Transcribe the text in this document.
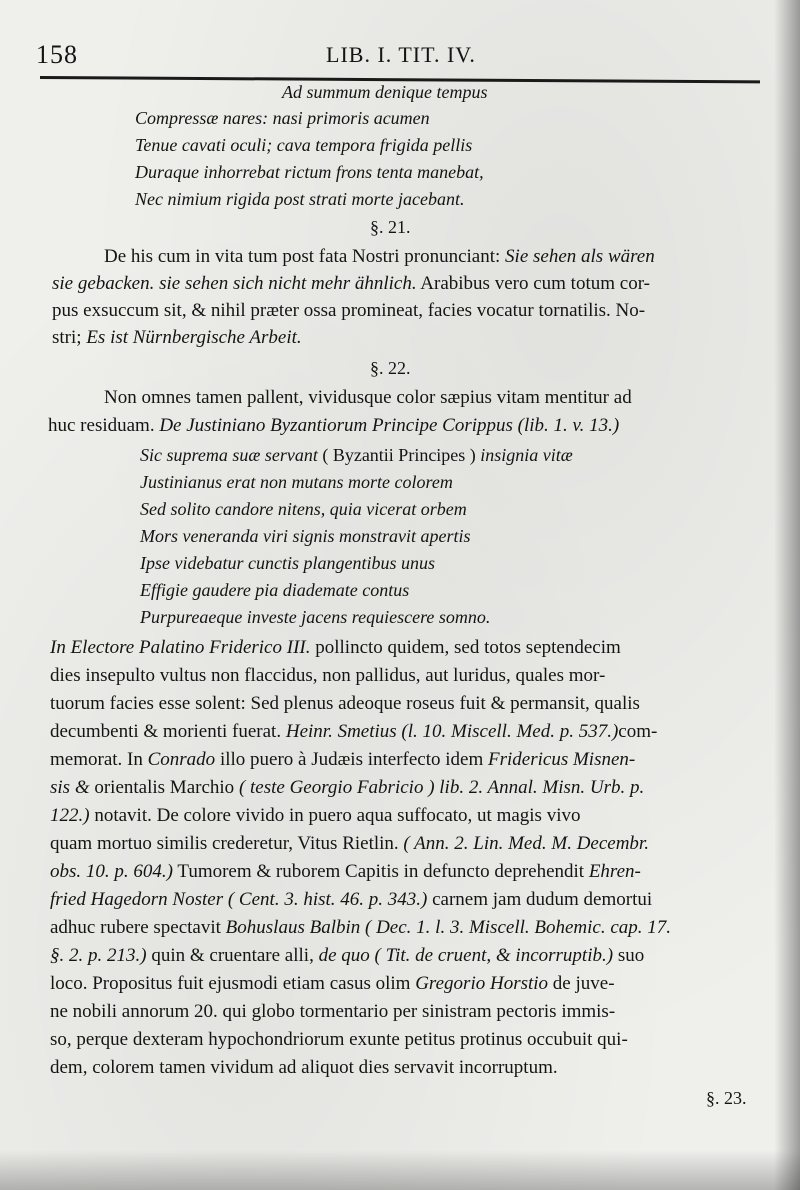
158	LIB. I. TIT. IV.
Ad summum denique tempus
Compressæ nares: nasi primoris acumen
Tenue cavati oculi; cava tempora frigida pellis
Duraque inhorrebat rictum frons tenta manebat,
Nec nimium rigida post strati morte jacebant.
§. 21.
De his cum in vita tum post fata Nostri pronunciant: Sie sehen als wären
sie gebacken. sie sehen sich nicht mehr ähnlich. Arabibus vero cum totum cor-
pus exsuccum sit, & nihil præter ossa promineat, facies vocatur tornatilis. No-
stri; Es ist Nürnbergische Arbeit.
§. 22.
Non omnes tamen pallent, vividusque color sæpius vitam mentitur ad
huc residuam. De Justiniano Byzantiorum Principe Corippus (lib. 1. v. 13.)
Sic suprema suæ servant ( Byzantii Principes ) insignia vitæ
Justinianus erat non mutans morte colorem
Sed solito candore nitens, quia vicerat orbem
Mors veneranda viri signis monstravit apertis
Ipse videbatur cunctis plangentibus unus
Effigie gaudere pia diademate contus
Purpureaeque investe jacens requiescere somno.
In Electore Palatino Friderico III. pollincto quidem, sed totos septendecim
dies insepulto vultus non flaccidus, non pallidus, aut luridus, quales mor-
tuorum facies esse solent: Sed plenus adeoque roseus fuit & permansit, qualis
decumbenti & morienti fuerat. Heinr. Smetius (l. 10. Miscell. Med. p. 537.)com-
memorat. In Conrado illo puero à Judæis interfecto idem Fridericus Misnen-
sis & orientalis Marchio ( teste Georgio Fabricio ) lib. 2. Annal. Misn. Urb. p.
122.) notavit. De colore vivido in puero aqua suffocato, ut magis vivo
quam mortuo similis crederetur, Vitus Rietlin. ( Ann. 2. Lin. Med. M. Decembr.
obs. 10. p. 604.) Tumorem & ruborem Capitis in defuncto deprehendit Ehren-
fried Hagedorn Noster ( Cent. 3. hist. 46. p. 343.) carnem jam dudum demortui
adhuc rubere spectavit Bohuslaus Balbin ( Dec. 1. l. 3. Miscell. Bohemic. cap. 17.
§. 2. p. 213.) quin & cruentare alli, de quo ( Tit. de cruent, & incorruptib.) suo
loco. Propositus fuit ejusmodi etiam casus olim Gregorio Horstio de juve-
ne nobili annorum 20. qui globo tormentario per sinistram pectoris immis-
so, perque dexteram hypochondriorum exunte petitus protinus occubuit qui-
dem, colorem tamen vividum ad aliquot dies servavit incorruptum.
§. 23.
